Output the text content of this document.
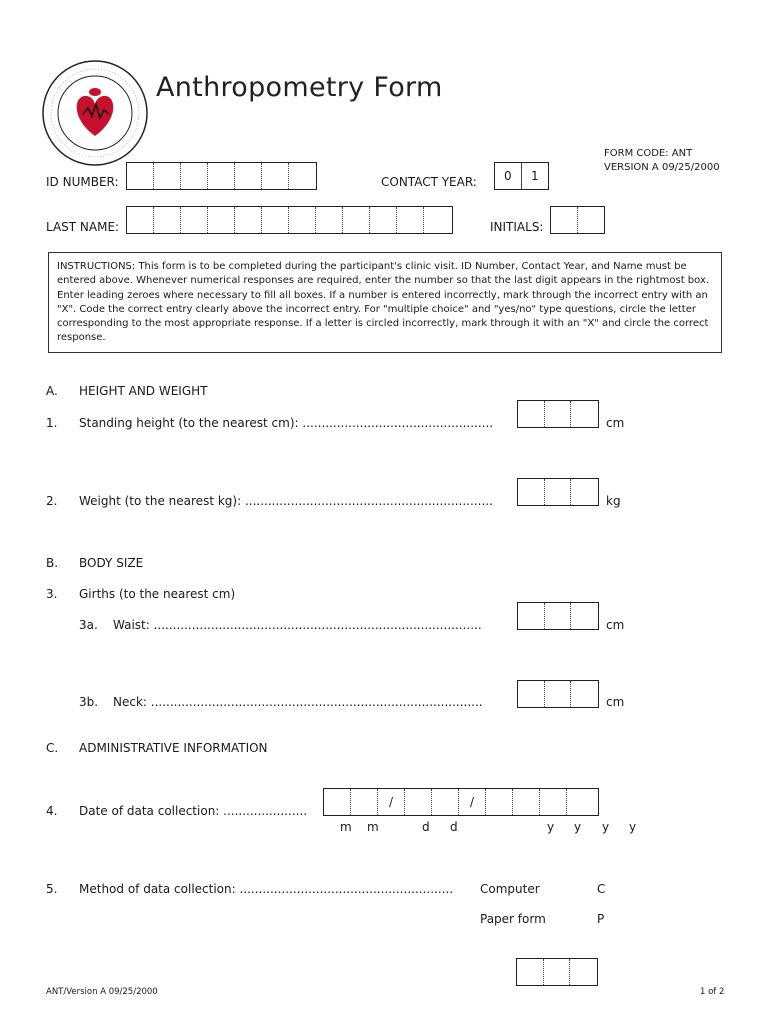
Anthropometry Form
FORM CODE: ANT
VERSION A 09/25/2000
ID NUMBER:	CONTACT YEAR:	0	1
LAST NAME:	INITIALS:
INSTRUCTIONS: This form is to be completed during the participant's clinic visit. ID Number, Contact Year, and Name must be entered above. Whenever numerical responses are required, enter the number so that the last digit appears in the rightmost box. Enter leading zeroes where necessary to fill all boxes. If a number is entered incorrectly, mark through the incorrect entry with an "X". Code the correct entry clearly above the incorrect entry. For "multiple choice" and "yes/no" type questions, circle the letter corresponding to the most appropriate response. If a letter is circled incorrectly, mark through it with an "X" and circle the correct response.
A. HEIGHT AND WEIGHT
1. Standing height (to the nearest cm): ..................................................	cm
2. Weight (to the nearest kg): .................................................................	kg
B. BODY SIZE
3. Girths (to the nearest cm)
3a. Waist: ......................................................................................	cm
3b. Neck: .......................................................................................	cm
C. ADMINISTRATIVE INFORMATION
4. Date of data collection: ......................
/	/
m m	d d	y y y y
5. Method of data collection: ........................................................ Computer	C
Paper form	P
ANT/Version A 09/25/2000	1 of 2
